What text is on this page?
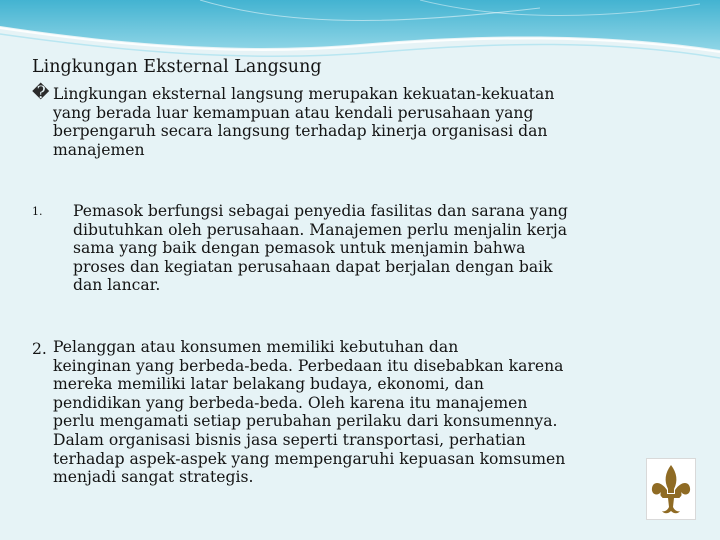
Lingkungan Eksternal Langsung
� Lingkungan eksternal langsung merupakan kekuatan-kekuatan
yang berada luar kemampuan atau kendali perusahaan yang
berpengaruh secara langsung terhadap kinerja organisasi dan
manajemen
1. Pemasok berfungsi sebagai penyedia fasilitas dan sarana yang
dibutuhkan oleh perusahaan. Manajemen perlu menjalin kerja
sama yang baik dengan pemasok untuk menjamin bahwa
proses dan kegiatan perusahaan dapat berjalan dengan baik
dan lancar.
2. Pelanggan atau konsumen memiliki kebutuhan dan
keinginan yang berbeda-beda. Perbedaan itu disebabkan karena
mereka memiliki latar belakang budaya, ekonomi, dan
pendidikan yang berbeda-beda. Oleh karena itu manajemen
perlu mengamati setiap perubahan perilaku dari konsumennya.
Dalam organisasi bisnis jasa seperti transportasi, perhatian
terhadap aspek-aspek yang mempengaruhi kepuasan komsumen
menjadi sangat strategis.
